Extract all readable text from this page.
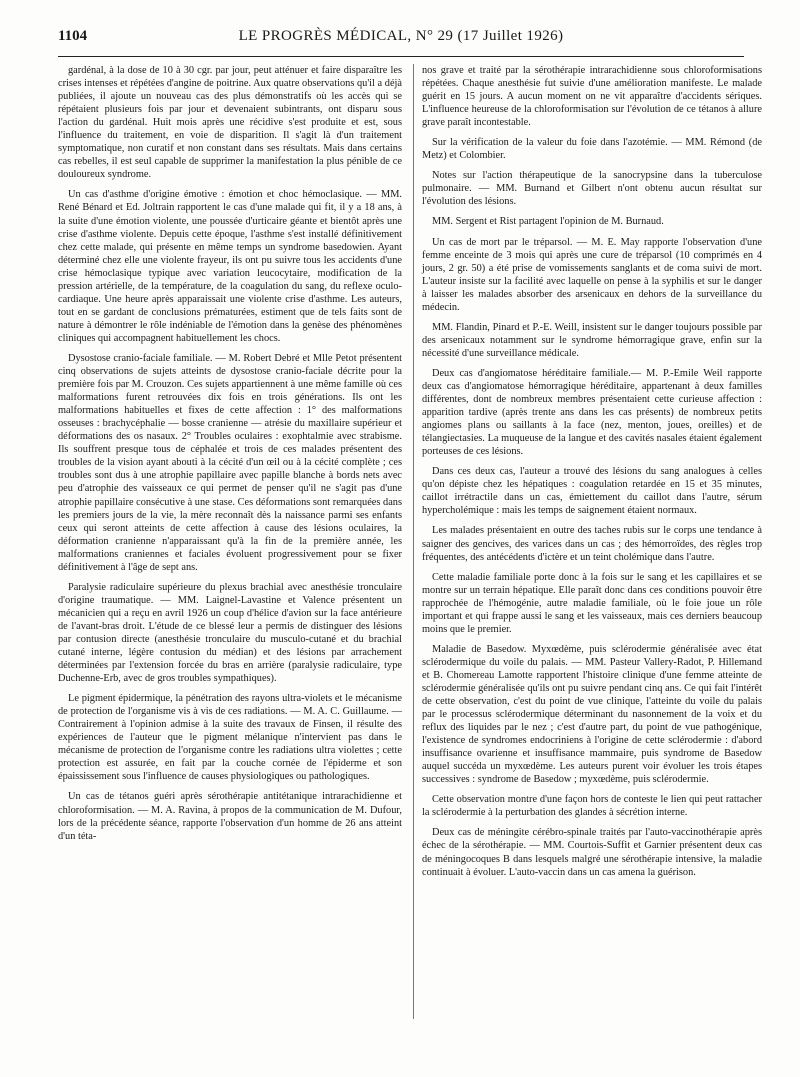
1104	LE PROGRÈS MÉDICAL, N° 29 (17 Juillet 1926)

gardénal, à la dose de 10 à 30 cgr. par jour, peut atténuer et faire disparaître les crises intenses et répétées d'angine de poitrine. Aux quatre observations qu'il a déjà publiées, il ajoute un nouveau cas des plus démonstratifs où les accès qui se répétaient plusieurs fois par jour et devenaient subintrants, ont disparu sous l'action du gardénal. Huit mois après une récidive s'est produite et est, sous l'influence du traitement, en voie de disparition. Il s'agit là d'un traitement symptomatique, non curatif et non constant dans ses résultats. Mais dans certains cas rebelles, il est seul capable de supprimer la manifestation la plus pénible de ce douloureux syndrome.

Un cas d'asthme d'origine émotive : émotion et choc hémoclasique. — MM. René Bénard et Ed. Joltrain rapportent le cas d'une malade qui fit, il y a 18 ans, à la suite d'une émotion violente, une poussée d'urticaire géante et bientôt après une crise d'asthme violente. Depuis cette époque, l'asthme s'est installé définitivement chez cette malade, qui présente en même temps un syndrome basedowien. Ayant déterminé chez elle une violente frayeur, ils ont pu suivre tous les accidents d'une crise hémoclasique typique avec variation leucocytaire, modification de la pression artérielle, de la température, de la coagulation du sang, du reflexe oculo-cardiaque. Une heure après apparaissait une violente crise d'asthme. Les auteurs, tout en se gardant de conclusions prématurées, estiment que de tels faits sont de nature à démontrer le rôle indéniable de l'émotion dans la genèse des phénomènes cliniques qui accompagnent habituellement les chocs.

Dysostose cranio-faciale familiale. — M. Robert Debré et Mlle Petot présentent cinq observations de sujets atteints de dysostose cranio-faciale décrite pour la première fois par M. Crouzon. Ces sujets appartiennent à une même famille où ces malformations furent retrouvées dix fois en trois générations. Ils ont les malformations habituelles et fixes de cette affection : 1° des malformations osseuses : brachycéphalie — bosse cranienne — atrésie du maxillaire supérieur et déformations des os nasaux. 2° Troubles oculaires : exophtalmie avec strabisme. Ils souffrent presque tous de céphalée et trois de ces malades présentent des troubles de la vision ayant abouti à la cécité d'un œil ou à la cécité complète ; ces troubles sont dus à une atrophie papillaire avec papille blanche à bords nets avec peu d'atrophie des vaisseaux ce qui permet de penser qu'il ne s'agit pas d'une atrophie papillaire consécutive à une stase. Ces déformations sont remarquées dans les premiers jours de la vie, la mère reconnaît dès la naissance parmi ses enfants ceux qui seront atteints de cette affection à cause des lésions oculaires, la déformation cranienne n'apparaissant qu'à la fin de la première année, les malformations craniennes et faciales évoluent progressivement pour se fixer définitivement à l'âge de sept ans.

Paralysie radiculaire supérieure du plexus brachial avec anesthésie tronculaire d'origine traumatique. — MM. Laignel-Lavastine et Valence présentent un mécanicien qui a reçu en avril 1926 un coup d'hélice d'avion sur la face antérieure de l'avant-bras droit. L'étude de ce blessé leur a permis de distinguer des lésions par contusion directe (anesthésie tronculaire du musculo-cutané et du brachial cutané interne, légère contusion du médian) et des lésions par arrachement déterminées par l'extension forcée du bras en arrière (paralysie radiculaire, type Duchenne-Erb, avec de gros troubles sympathiques).

Le pigment épidermique, la pénétration des rayons ultra-violets et le mécanisme de protection de l'organisme vis à vis de ces radiations. — M. A. C. Guillaume. — Contrairement à l'opinion admise à la suite des travaux de Finsen, il résulte des expériences de l'auteur que le pigment mélanique n'intervient pas dans le mécanisme de protection de l'organisme contre les radiations ultra violettes ; cette protection est assurée, en fait par la couche cornée de l'épiderme et son épaississement sous l'influence de causes physiologiques ou pathologiques.

Un cas de tétanos guéri après sérothérapie antitétanique intrarachidienne et chloroformisation. — M. A. Ravina, à propos de la communication de M. Dufour, lors de la précédente séance, rapporte l'observation d'un homme de 26 ans atteint d'un téta-

nos grave et traité par la sérothérapie intrarachidienne sous chloroformisations répétées. Chaque anesthésie fut suivie d'une amélioration manifeste. Le malade guérit en 15 jours. A aucun moment on ne vit apparaître d'accidents sériques. L'influence heureuse de la chloroformisation sur l'évolution de ce tétanos à allure grave paraît incontestable.

Sur la vérification de la valeur du foie dans l'azotémie. — MM. Rémond (de Metz) et Colombier.

Notes sur l'action thérapeutique de la sanocrypsine dans la tuberculose pulmonaire. — MM. Burnand et Gilbert n'ont obtenu aucun résultat sur l'évolution des lésions.

MM. Sergent et Rist partagent l'opinion de M. Burnaud.

Un cas de mort par le tréparsol. — M. E. May rapporte l'observation d'une femme enceinte de 3 mois qui après une cure de tréparsol (10 comprimés en 4 jours, 2 gr. 50) a été prise de vomissements sanglants et de coma suivi de mort. L'auteur insiste sur la facilité avec laquelle on pense à la syphilis et sur le danger à laisser les malades absorber des arsenicaux en dehors de la surveillance du médecin.

MM. Flandin, Pinard et P.-E. Weill, insistent sur le danger toujours possible par des arsenicaux notamment sur le syndrome hémorragique grave, enfin sur la nécessité d'une surveillance médicale.

Deux cas d'angiomatose héréditaire familiale.— M. P.-Emile Weil rapporte deux cas d'angiomatose hémorragique héréditaire, appartenant à deux familles différentes, dont de nombreux membres présentaient cette curieuse affection : apparition tardive (après trente ans dans les cas présents) de nombreux petits angiomes plans ou saillants à la face (nez, menton, joues, oreilles) et de télangiectasies. La muqueuse de la langue et des cavités nasales étaient également porteuses de ces lésions.

Dans ces deux cas, l'auteur a trouvé des lésions du sang analogues à celles qu'on dépiste chez les hépatiques : coagulation retardée en 15 et 35 minutes, caillot irrétractile dans un cas, émiettement du caillot dans l'autre, sérum hypercholémique : mais les temps de saignement étaient normaux.

Les malades présentaient en outre des taches rubis sur le corps une tendance à saigner des gencives, des varices dans un cas ; des hémorroïdes, des règles trop fréquentes, des antécédents d'ictère et un teint cholémique dans l'autre.

Cette maladie familiale porte donc à la fois sur le sang et les capillaires et se montre sur un terrain hépatique. Elle paraît donc dans ces conditions pouvoir être rapprochée de l'hémogénie, autre maladie familiale, où le foie joue un rôle important et qui frappe aussi le sang et les vaisseaux, mais ces derniers beaucoup moins que le premier.

Maladie de Basedow. Myxœdème, puis sclérodermie généralisée avec état sclérodermique du voile du palais. — MM. Pasteur Vallery-Radot, P. Hillemand et B. Chomereau Lamotte rapportent l'histoire clinique d'une femme atteinte de sclérodermie généralisée qu'ils ont pu suivre pendant cinq ans. Ce qui fait l'intérêt de cette observation, c'est du point de vue clinique, l'atteinte du voile du palais par le processus sclérodermique déterminant du nasonnement de la voix et du reflux des liquides par le nez ; c'est d'autre part, du point de vue pathogénique, l'existence de syndromes endocriniens à l'origine de cette sclérodermie : d'abord insuffisance ovarienne et insuffisance mammaire, puis syndrome de Basedow auquel succéda un myxœdème. Les auteurs purent voir évoluer les trois étapes successives : syndrome de Basedow ; myxœdème, puis sclérodermie.

Cette observation montre d'une façon hors de conteste le lien qui peut rattacher la sclérodermie à la perturbation des glandes à sécrétion interne.

Deux cas de méningite cérébro-spinale traités par l'auto-vaccinothérapie après échec de la sérothérapie. — MM. Courtois-Suffit et Garnier présentent deux cas de méningocoques B dans lesquels malgré une sérothérapie intensive, la maladie continuait à évoluer. L'auto-vaccin dans un cas amena la guérison.
